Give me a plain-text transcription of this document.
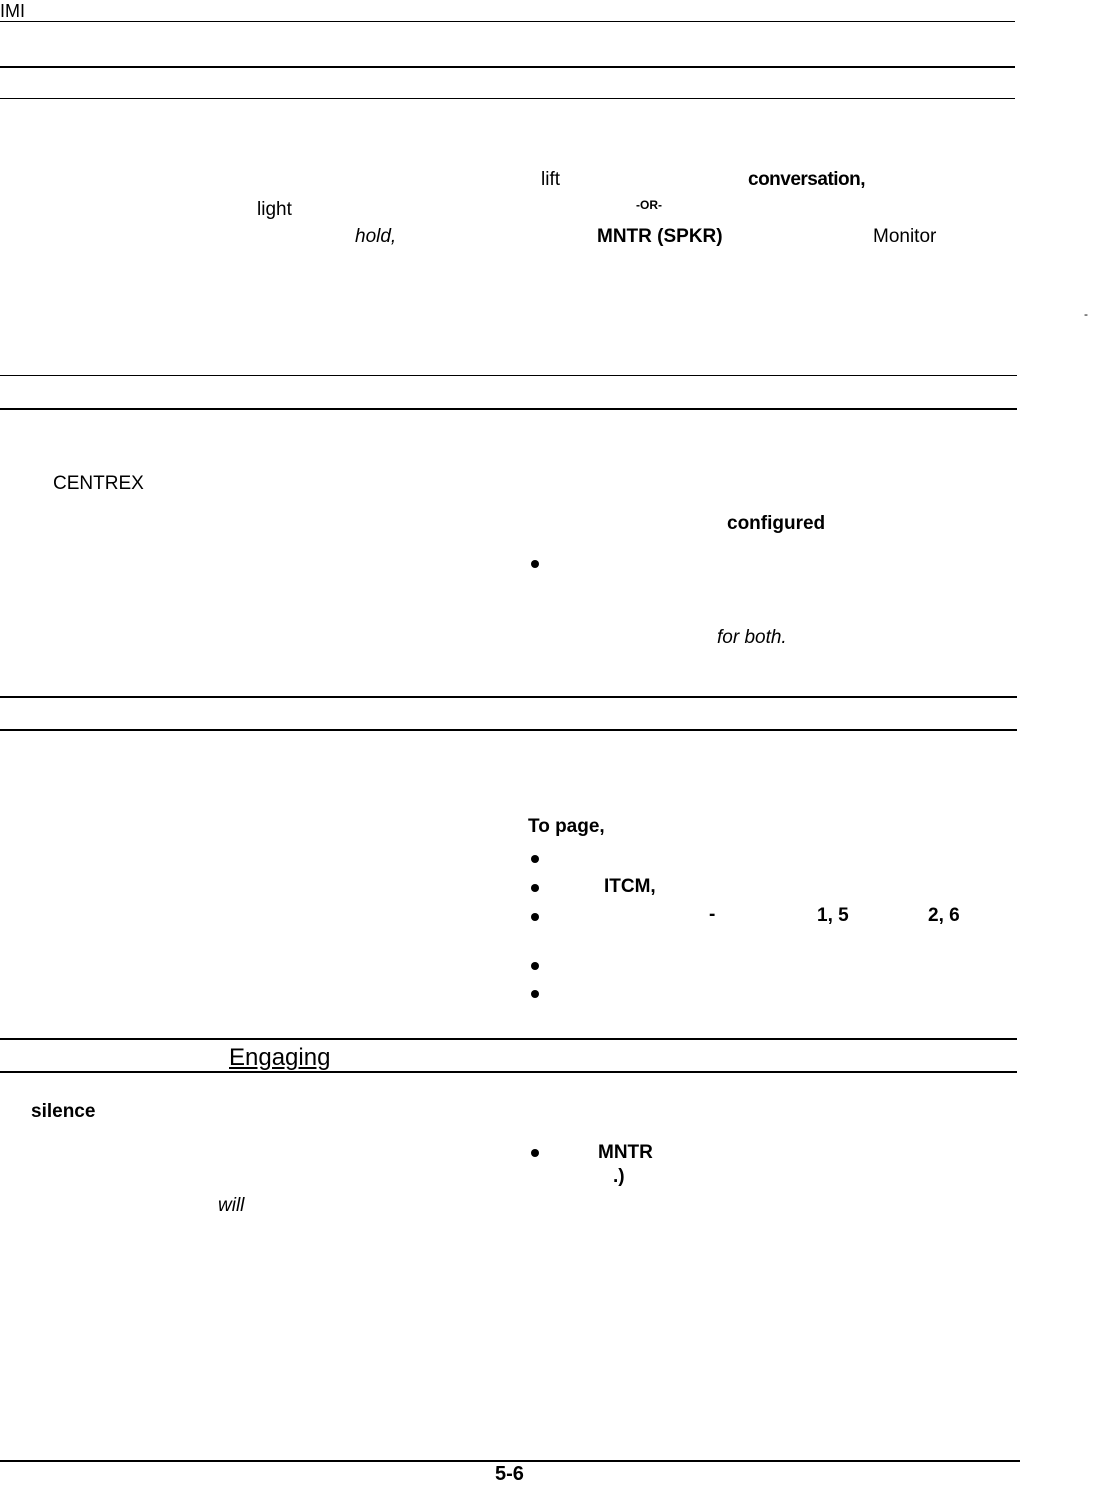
IMI
lift	conversation,
light	-OR-
hold,	MNTR (SPKR)	Monitor
-
CENTREX
configured
for both.
To page,
ITCM,
-	1, 5	2, 6
Engaging
silence
MNTR
.)
will
5-6
